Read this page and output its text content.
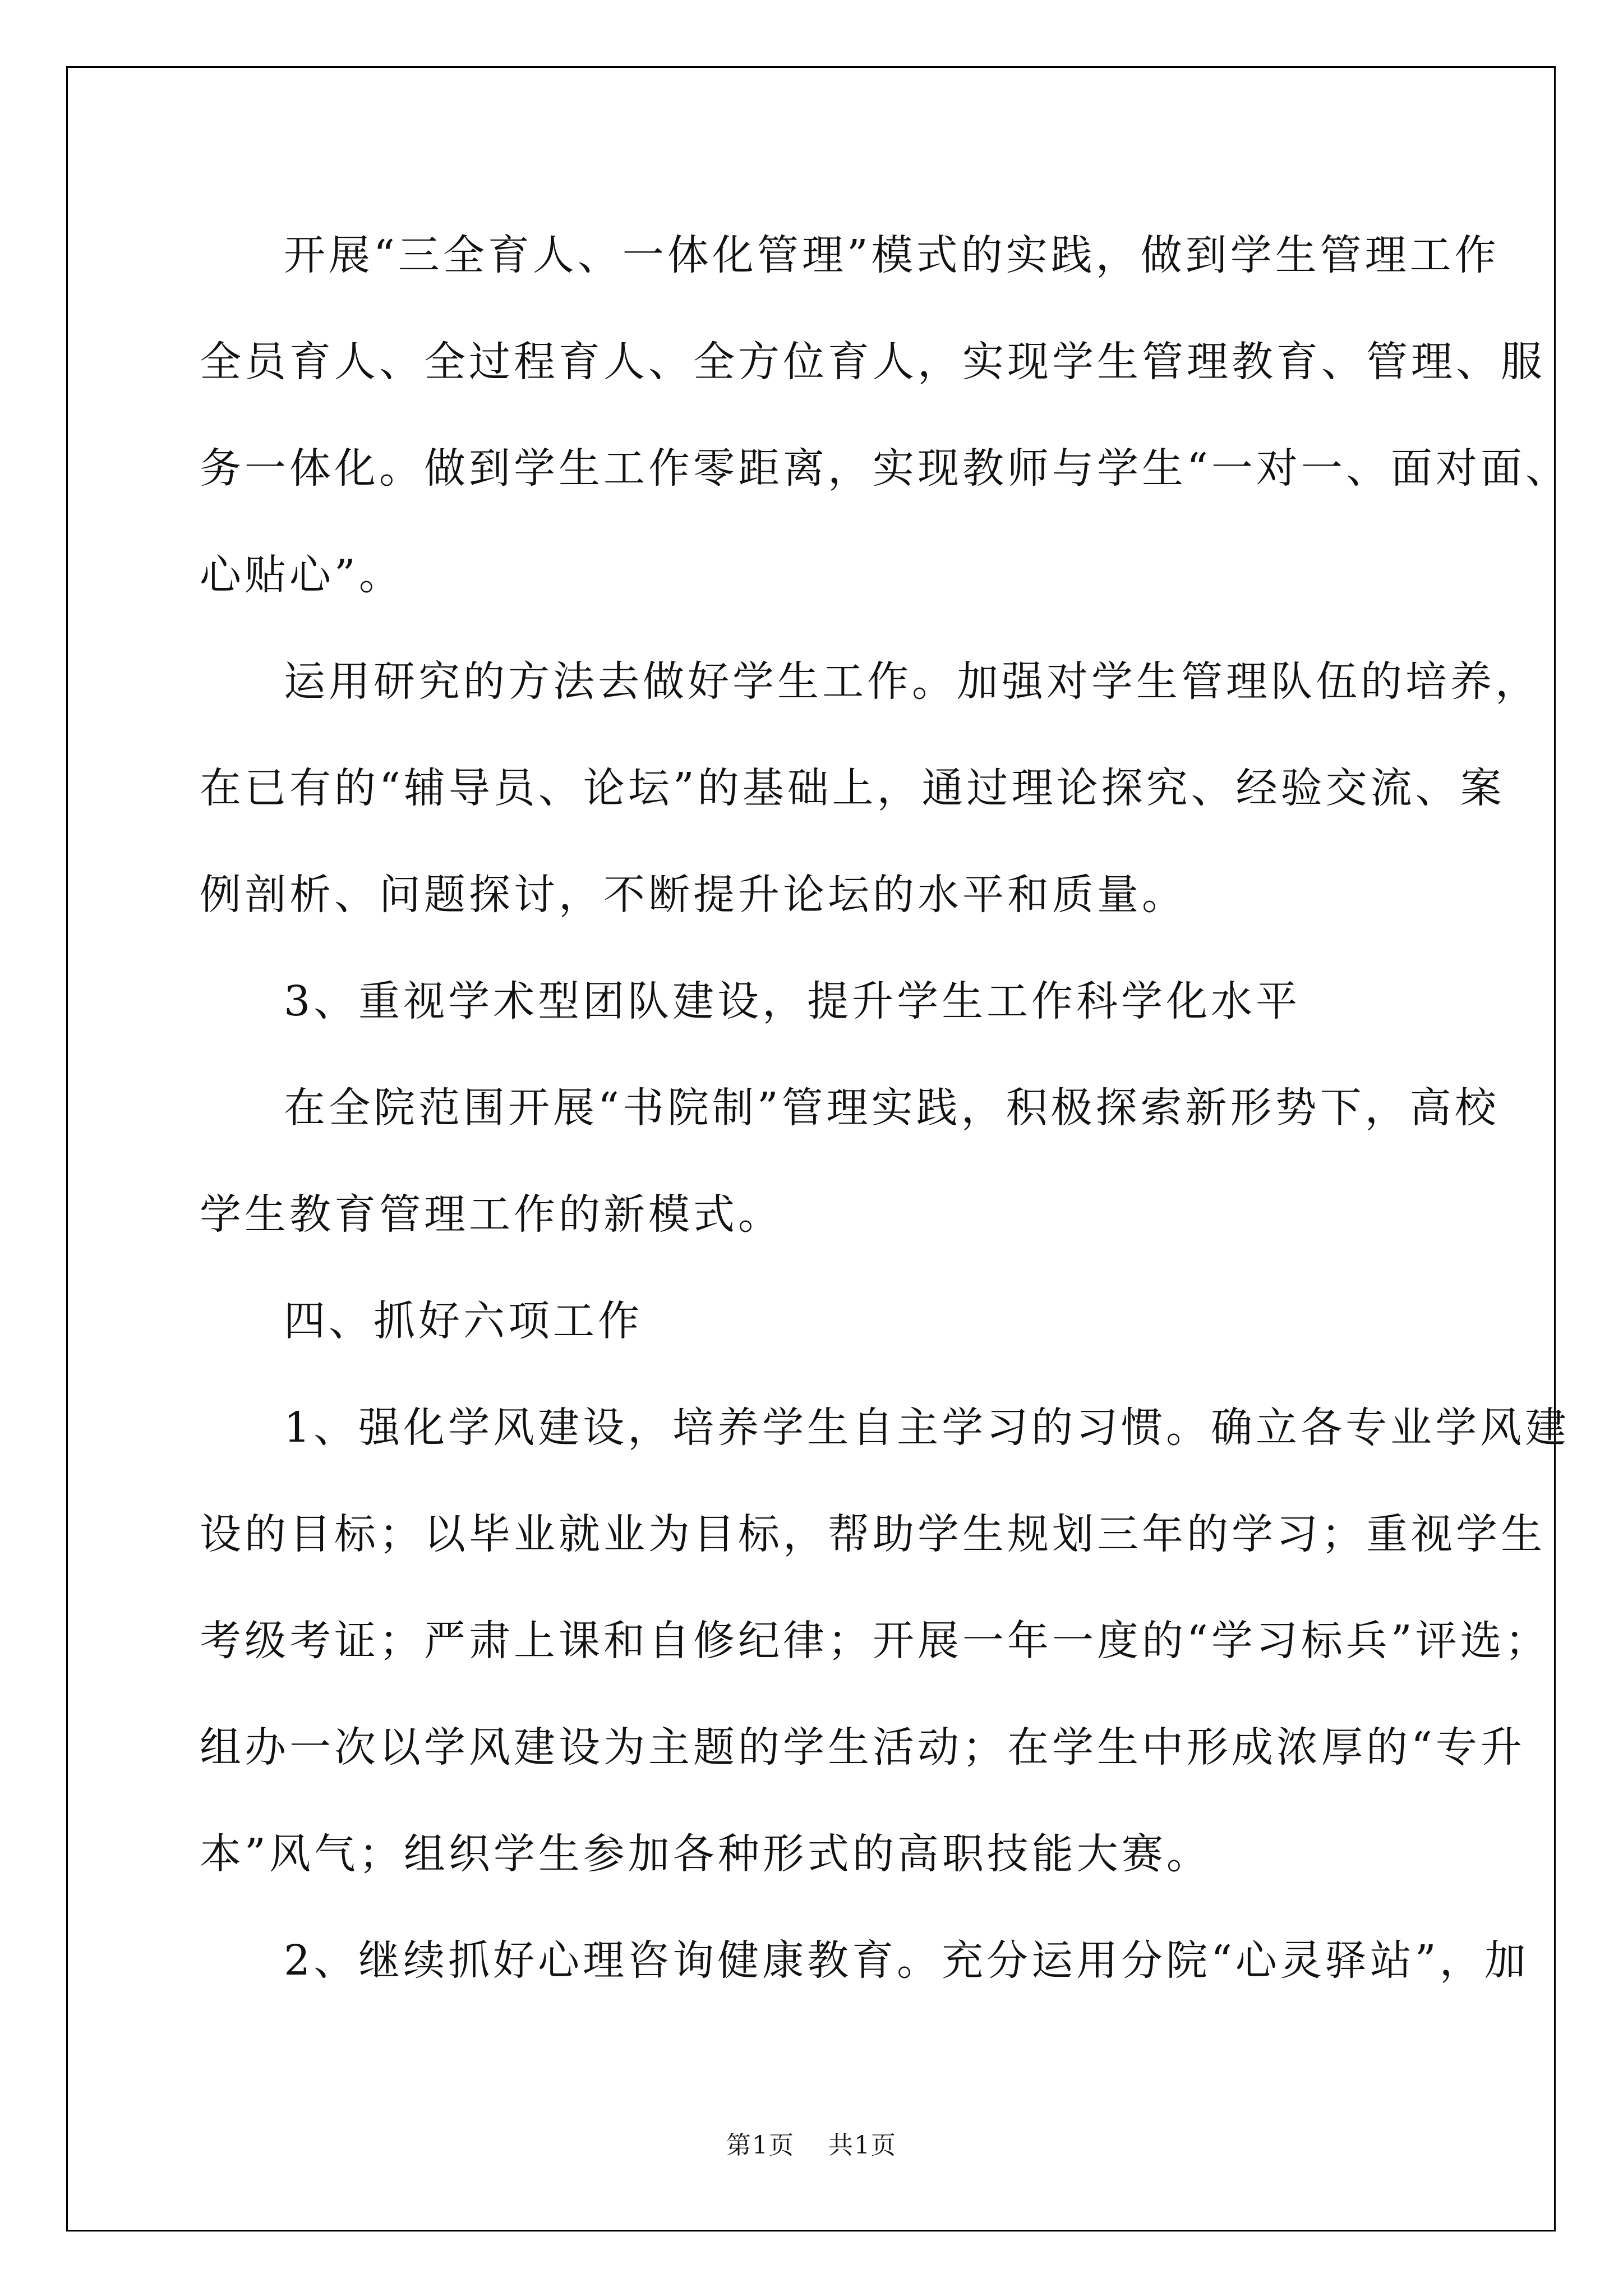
开展“三全育人、一体化管理”模式的实践，做到学生管理工作
全员育人、全过程育人、全方位育人，实现学生管理教育、管理、服
务一体化。做到学生工作零距离，实现教师与学生“一对一、面对面、
心贴心”。
运用研究的方法去做好学生工作。加强对学生管理队伍的培养，
在已有的“辅导员、论坛”的基础上，通过理论探究、经验交流、案
例剖析、问题探讨，不断提升论坛的水平和质量。
3、重视学术型团队建设，提升学生工作科学化水平
在全院范围开展“书院制”管理实践，积极探索新形势下，高校
学生教育管理工作的新模式。
四、抓好六项工作
1、强化学风建设，培养学生自主学习的习惯。确立各专业学风建
设的目标；以毕业就业为目标，帮助学生规划三年的学习；重视学生
考级考证；严肃上课和自修纪律；开展一年一度的“学习标兵”评选；
组办一次以学风建设为主题的学生活动；在学生中形成浓厚的“专升
本”风气；组织学生参加各种形式的高职技能大赛。
2、继续抓好心理咨询健康教育。充分运用分院“心灵驿站”，加
第1页 共1页
